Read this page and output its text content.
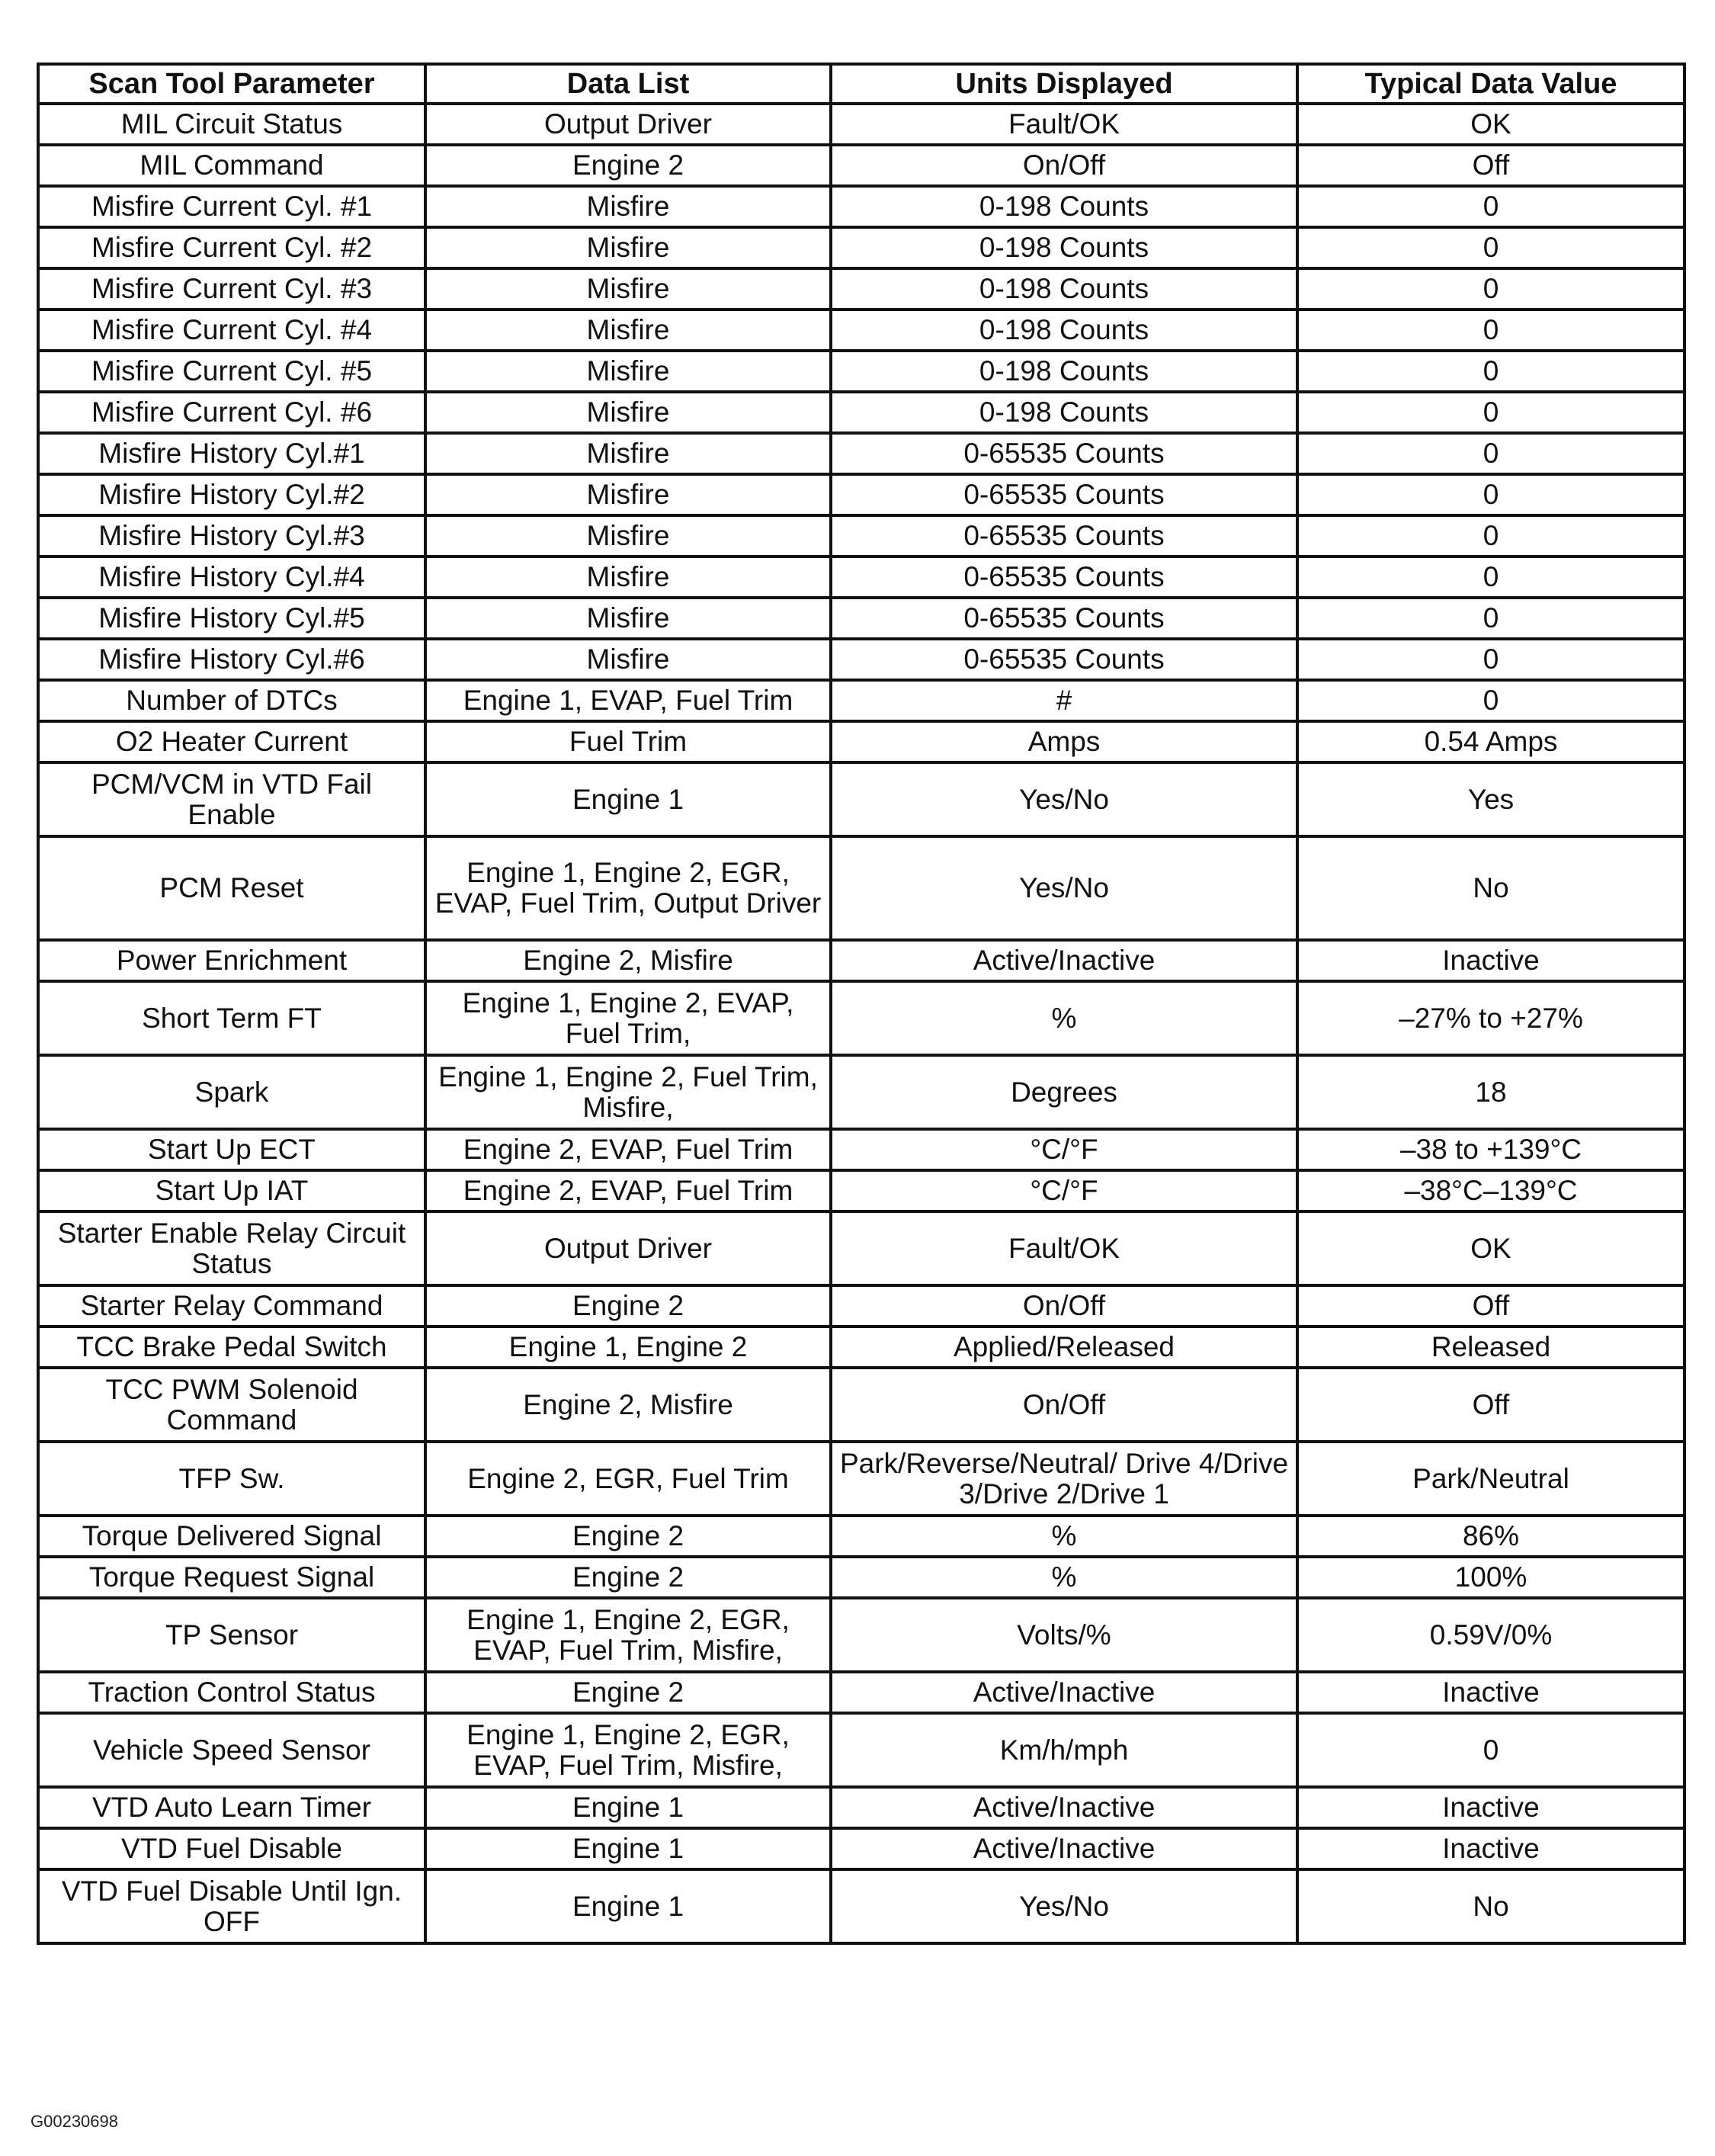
Scan Tool Parameter	Data List	Units Displayed	Typical Data Value
MIL Circuit Status	Output Driver	Fault/OK	OK
MIL Command	Engine 2	On/Off	Off
Misfire Current Cyl. #1	Misfire	0-198 Counts	0
Misfire Current Cyl. #2	Misfire	0-198 Counts	0
Misfire Current Cyl. #3	Misfire	0-198 Counts	0
Misfire Current Cyl. #4	Misfire	0-198 Counts	0
Misfire Current Cyl. #5	Misfire	0-198 Counts	0
Misfire Current Cyl. #6	Misfire	0-198 Counts	0
Misfire History Cyl.#1	Misfire	0-65535 Counts	0
Misfire History Cyl.#2	Misfire	0-65535 Counts	0
Misfire History Cyl.#3	Misfire	0-65535 Counts	0
Misfire History Cyl.#4	Misfire	0-65535 Counts	0
Misfire History Cyl.#5	Misfire	0-65535 Counts	0
Misfire History Cyl.#6	Misfire	0-65535 Counts	0
Number of DTCs	Engine 1, EVAP, Fuel Trim	#	0
O2 Heater Current	Fuel Trim	Amps	0.54 Amps
PCM/VCM in VTD Fail Enable	Engine 1	Yes/No	Yes
PCM Reset	Engine 1, Engine 2, EGR, EVAP, Fuel Trim, Output Driver	Yes/No	No
Power Enrichment	Engine 2, Misfire	Active/Inactive	Inactive
Short Term FT	Engine 1, Engine 2, EVAP, Fuel Trim,	%	–27% to +27%
Spark	Engine 1, Engine 2, Fuel Trim, Misfire,	Degrees	18
Start Up ECT	Engine 2, EVAP, Fuel Trim	°C/°F	–38 to +139°C
Start Up IAT	Engine 2, EVAP, Fuel Trim	°C/°F	–38°C–139°C
Starter Enable Relay Circuit Status	Output Driver	Fault/OK	OK
Starter Relay Command	Engine 2	On/Off	Off
TCC Brake Pedal Switch	Engine 1, Engine 2	Applied/Released	Released
TCC PWM Solenoid Command	Engine 2, Misfire	On/Off	Off
TFP Sw.	Engine 2, EGR, Fuel Trim	Park/Reverse/Neutral/ Drive 4/Drive 3/Drive 2/Drive 1	Park/Neutral
Torque Delivered Signal	Engine 2	%	86%
Torque Request Signal	Engine 2	%	100%
TP Sensor	Engine 1, Engine 2, EGR, EVAP, Fuel Trim, Misfire,	Volts/%	0.59V/0%
Traction Control Status	Engine 2	Active/Inactive	Inactive
Vehicle Speed Sensor	Engine 1, Engine 2, EGR, EVAP, Fuel Trim, Misfire,	Km/h/mph	0
VTD Auto Learn Timer	Engine 1	Active/Inactive	Inactive
VTD Fuel Disable	Engine 1	Active/Inactive	Inactive
VTD Fuel Disable Until Ign. OFF	Engine 1	Yes/No	No
G00230698
